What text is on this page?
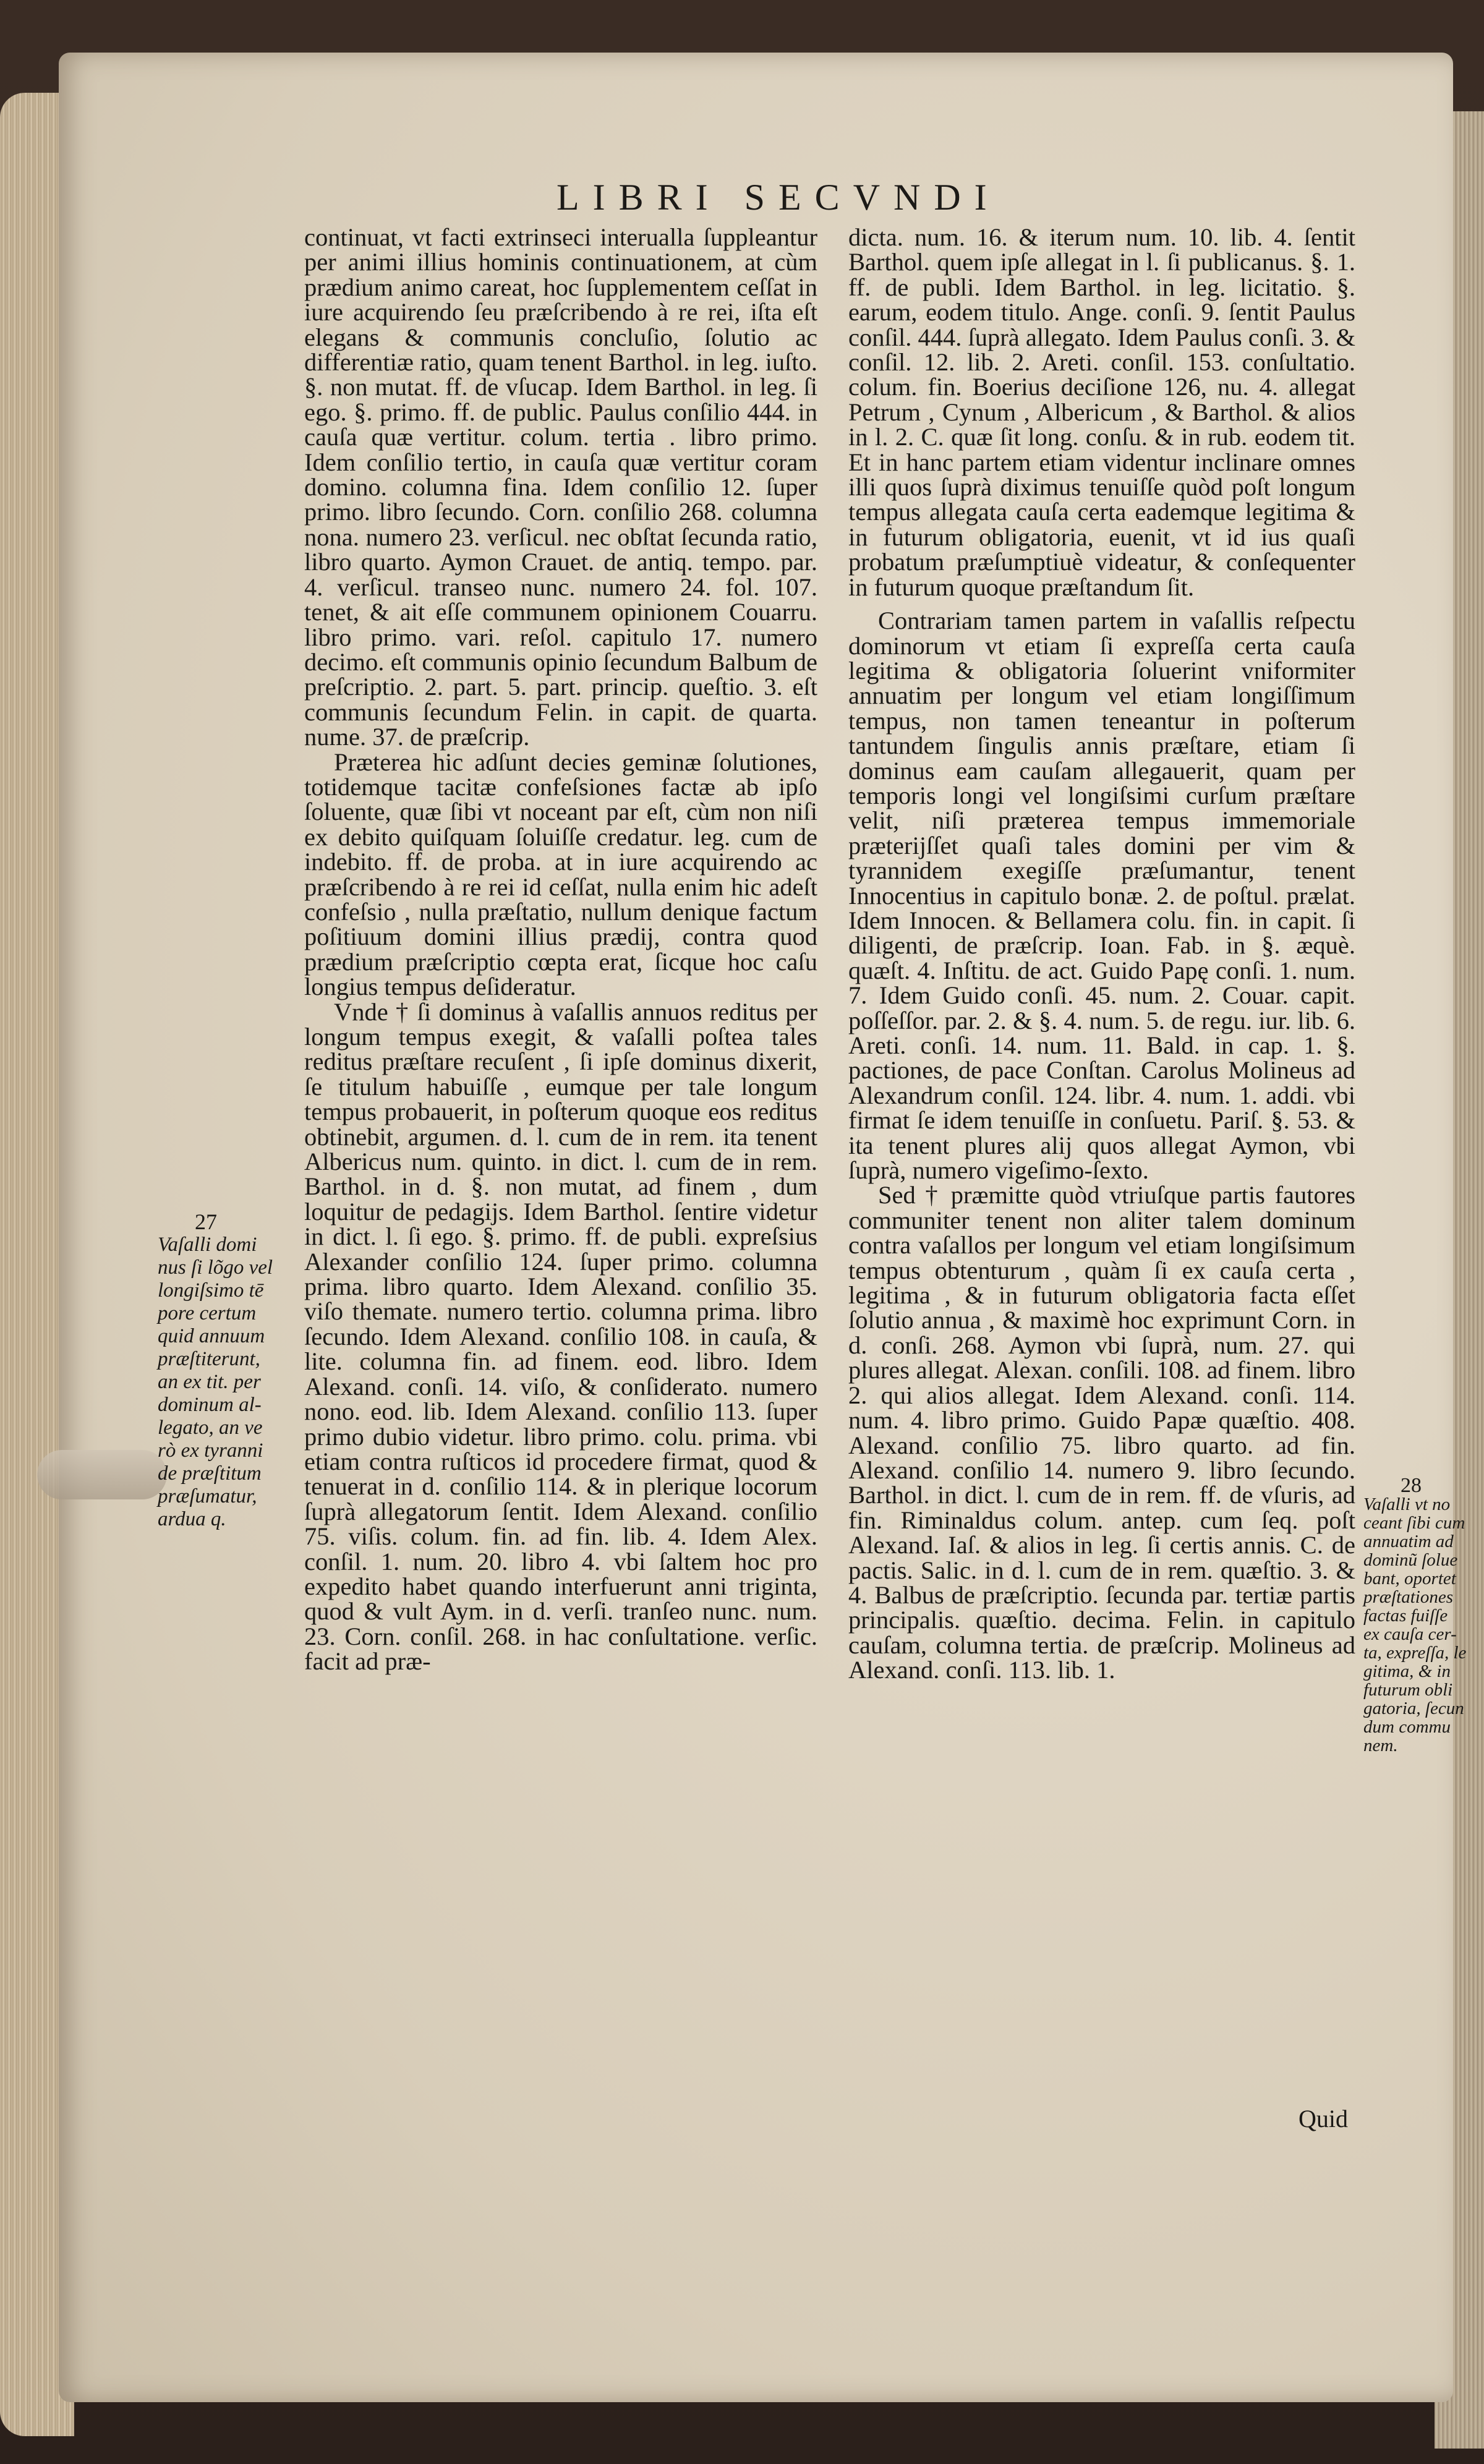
LIBRI SECVNDI

continuat, vt facti extrinseci interualla ſuppleantur per animi illius hominis continuationem, at cùm prædium animo careat, hoc ſupplementem ceſſat in iure acquirendo ſeu præſcribendo à re rei, iſta eſt elegans & communis concluſio, ſolutio ac differentiæ ratio, quam tenent Barthol. in leg. iuſto. §. non mutat. ff. de vſucap. Idem Barthol. in leg. ſi ego. §. primo. ff. de public. Paulus conſilio 444. in cauſa quæ vertitur. colum. tertia . libro primo. Idem conſilio tertio, in cauſa quæ vertitur coram domino. columna fina. Idem conſilio 12. ſuper primo. libro ſecundo. Corn. conſilio 268. columna nona. numero 23. verſicul. nec obſtat ſecunda ratio, libro quarto. Aymon Crauet. de antiq. tempo. par. 4. verſicul. transeo nunc. numero 24. fol. 107. tenet, & ait eſſe communem opinionem Couarru. libro primo. vari. reſol. capitulo 17. numero decimo. eſt communis opinio ſecundum Balbum de preſcriptio. 2. part. 5. part. princip. queſtio. 3. eſt communis ſecundum Felin. in capit. de quarta. nume. 37. de præſcrip.

Præterea hic adſunt decies geminæ ſolutiones, totidemque tacitæ confeſsiones factæ ab ipſo ſoluente, quæ ſibi vt noceant par eſt, cùm non niſi ex debito quiſquam ſoluiſſe credatur. leg. cum de indebito. ff. de proba. at in iure acquirendo ac præſcribendo à re rei id ceſſat, nulla enim hic adeſt confeſsio , nulla præſtatio, nullum denique factum poſitiuum domini illius prædij, contra quod prædium præſcriptio cœpta erat, ſicque hoc caſu longius tempus deſideratur.

Vnde † ſi dominus à vaſallis annuos reditus per longum tempus exegit, & vaſalli poſtea tales reditus præſtare recuſent , ſi ipſe dominus dixerit, ſe titulum habuiſſe , eumque per tale longum tempus probauerit, in poſterum quoque eos reditus obtinebit, argumen. d. l. cum de in rem. ita tenent Albericus num. quinto. in dict. l. cum de in rem. Barthol. in d. §. non mutat, ad finem , dum loquitur de pedagijs. Idem Barthol. ſentire videtur in dict. l. ſi ego. §. primo. ff. de publi. expreſsius Alexander conſilio 124. ſuper primo. columna prima. libro quarto. Idem Alexand. conſilio 35. viſo themate. numero tertio. columna prima. libro ſecundo. Idem Alexand. conſilio 108. in cauſa, & lite. columna fin. ad finem. eod. libro. Idem Alexand. conſi. 14. viſo, & conſiderato. numero nono. eod. lib. Idem Alexand. conſilio 113. ſuper primo dubio videtur. libro primo. colu. prima. vbi etiam contra ruſticos id procedere firmat, quod & tenuerat in d. conſilio 114. & in plerique locorum ſuprà allegatorum ſentit. Idem Alexand. conſilio 75. viſis. colum. fin. ad fin. lib. 4. Idem Alex. conſil. 1. num. 20. libro 4. vbi ſaltem hoc pro expedito habet quando interfuerunt anni triginta, quod & vult Aym. in d. verſi. tranſeo nunc. num. 23. Corn. conſil. 268. in hac conſultatione. verſic. facit ad præ-

dicta. num. 16. & iterum num. 10. lib. 4. ſentit Barthol. quem ipſe allegat in l. ſi publicanus. §. 1. ff. de publi. Idem Barthol. in leg. licitatio. §. earum, eodem titulo. Ange. conſi. 9. ſentit Paulus conſil. 444. ſuprà allegato. Idem Paulus conſi. 3. & conſil. 12. lib. 2. Areti. conſil. 153. conſultatio. colum. fin. Boerius deciſione 126, nu. 4. allegat Petrum , Cynum , Albericum , & Barthol. & alios in l. 2. C. quæ ſit long. conſu. & in rub. eodem tit. Et in hanc partem etiam videntur inclinare omnes illi quos ſuprà diximus tenuiſſe quòd poſt longum tempus allegata cauſa certa eademque legitima & in futurum obligatoria, euenit, vt id ius quaſi probatum præſumptiuè videatur, & conſequenter in futurum quoque præſtandum ſit.

Contrariam tamen partem in vaſallis reſpectu dominorum vt etiam ſi expreſſa certa cauſa legitima & obligatoria ſoluerint vniformiter annuatim per longum vel etiam longiſſimum tempus, non tamen teneantur in poſterum tantundem ſingulis annis præſtare, etiam ſi dominus eam cauſam allegauerit, quam per temporis longi vel longiſsimi curſum præſtare velit, niſi præterea tempus immemoriale præterijſſet quaſi tales domini per vim & tyrannidem exegiſſe præſumantur, tenent Innocentius in capitulo bonæ. 2. de poſtul. prælat. Idem Innocen. & Bellamera colu. fin. in capit. ſi diligenti, de præſcrip. Ioan. Fab. in §. æquè. quæſt. 4. Inſtitu. de act. Guido Papę conſi. 1. num. 7. Idem Guido conſi. 45. num. 2. Couar. capit. poſſeſſor. par. 2. & §. 4. num. 5. de regu. iur. lib. 6. Areti. conſi. 14. num. 11. Bald. in cap. 1. §. pactiones, de pace Conſtan. Carolus Molineus ad Alexandrum conſil. 124. libr. 4. num. 1. addi. vbi firmat ſe idem tenuiſſe in conſuetu. Pariſ. §. 53. & ita tenent plures alij quos allegat Aymon, vbi ſuprà, numero vigeſimo-ſexto.

Sed † præmitte quòd vtriuſque partis fautores communiter tenent non aliter talem dominum contra vaſallos per longum vel etiam longiſsimum tempus obtenturum , quàm ſi ex cauſa certa , legitima , & in futurum obligatoria facta eſſet ſolutio annua , & maximè hoc exprimunt Corn. in d. conſi. 268. Aymon vbi ſuprà, num. 27. qui plures allegat. Alexan. conſili. 108. ad finem. libro 2. qui alios allegat. Idem Alexand. conſi. 114. num. 4. libro primo. Guido Papæ quæſtio. 408. Alexand. conſilio 75. libro quarto. ad fin. Alexand. conſilio 14. numero 9. libro ſecundo. Barthol. in dict. l. cum de in rem. ff. de vſuris, ad fin. Riminaldus colum. antep. cum ſeq. poſt Alexand. Iaſ. & alios in leg. ſi certis annis. C. de pactis. Salic. in d. l. cum de in rem. quæſtio. 3. & 4. Balbus de præſcriptio. ſecunda par. tertiæ partis principalis. quæſtio. decima. Felin. in capitulo cauſam, columna tertia. de præſcrip. Molineus ad Alexand. conſi. 113. lib. 1.

27
Vaſalli domi
nus ſi lõgo vel
longiſsimo tē
pore certum
quid annuum
præſtiterunt,
an ex tit. per
dominum al-
legato, an ve
rò ex tyranni
de præſtitum
præſumatur,
ardua q.
28
Vaſalli vt no
ceant ſibi cum
annuatim ad
dominũ ſolue
bant, oportet
præſtationes
factas fuiſſe
ex cauſa cer-
ta, expreſſa, le
gitima, & in
futurum obli
gatoria, ſecun
dum commu
nem.
Quid
